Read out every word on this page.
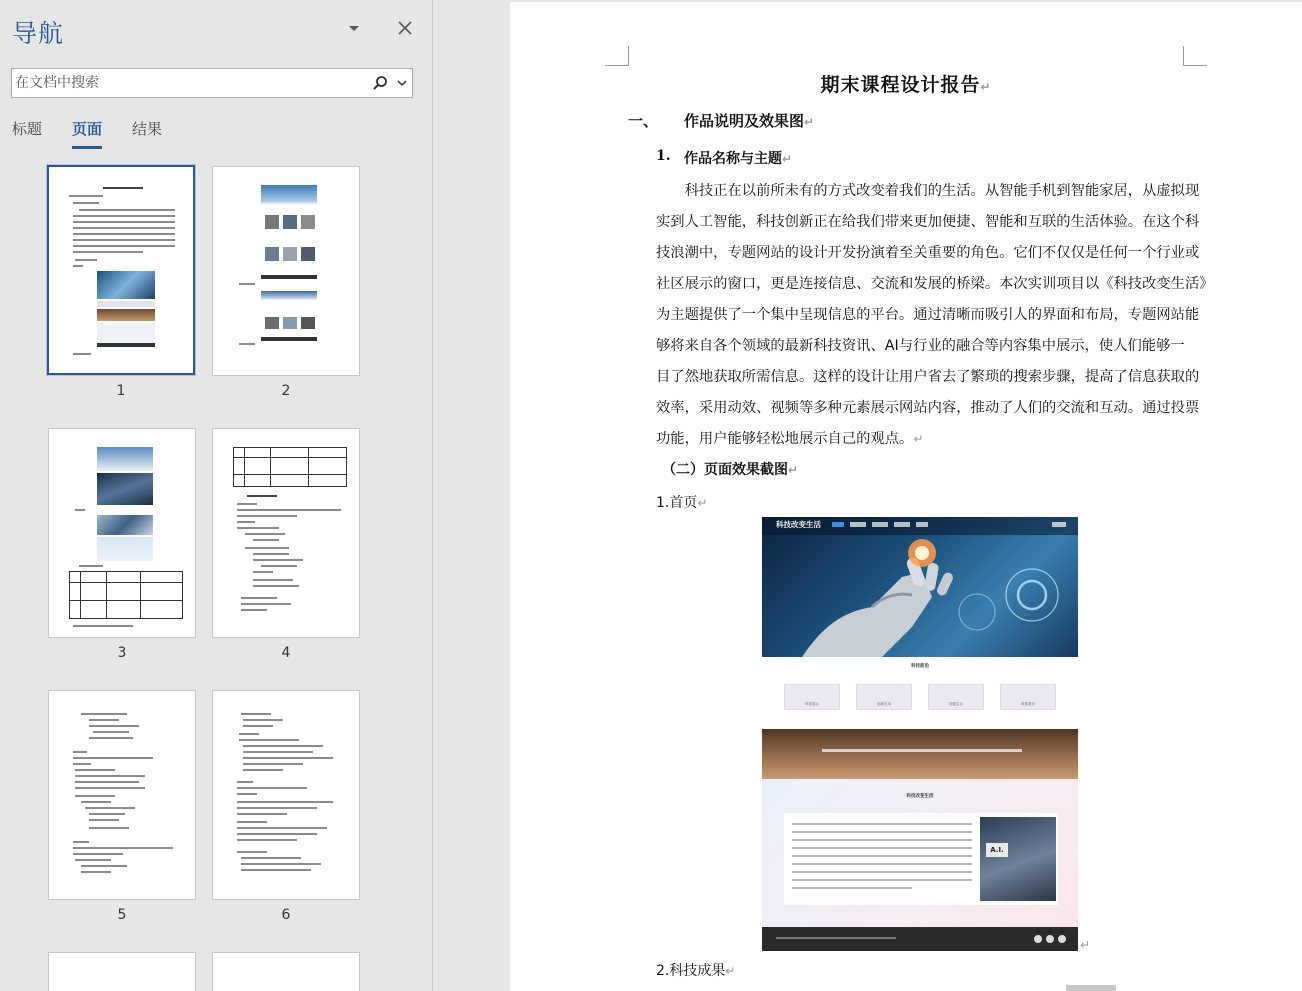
导航
在文档中搜索
标题 页面 结果
1	2
3	4
5	6
期末课程设计报告↵
一、 作品说明及效果图↵
1. 作品名称与主题↵
　　科技正在以前所未有的方式改变着我们的生活。从智能手机到智能家居，从虚拟现
实到人工智能，科技创新正在给我们带来更加便捷、智能和互联的生活体验。在这个科
技浪潮中，专题网站的设计开发扮演着至关重要的角色。它们不仅仅是任何一个行业或
社区展示的窗口，更是连接信息、交流和发展的桥梁。本次实训项目以《科技改变生活》
为主题提供了一个集中呈现信息的平台。通过清晰而吸引人的界面和布局，专题网站能
够将来自各个领域的最新科技资讯、AI与行业的融合等内容集中展示，使人们能够一
目了然地获取所需信息。这样的设计让用户省去了繁琐的搜索步骤，提高了信息获取的
效率，采用动效、视频等多种元素展示网站内容，推动了人们的交流和互动。通过投票
功能，用户能够轻松地展示自己的观点。↵
（二）页面效果截图↵
1.首页↵
科技改变生活
科技前沿
科技前沿	创新应用	智能生活	联系我们
科技改变生活
A.I.
↵
2.科技成果↵
